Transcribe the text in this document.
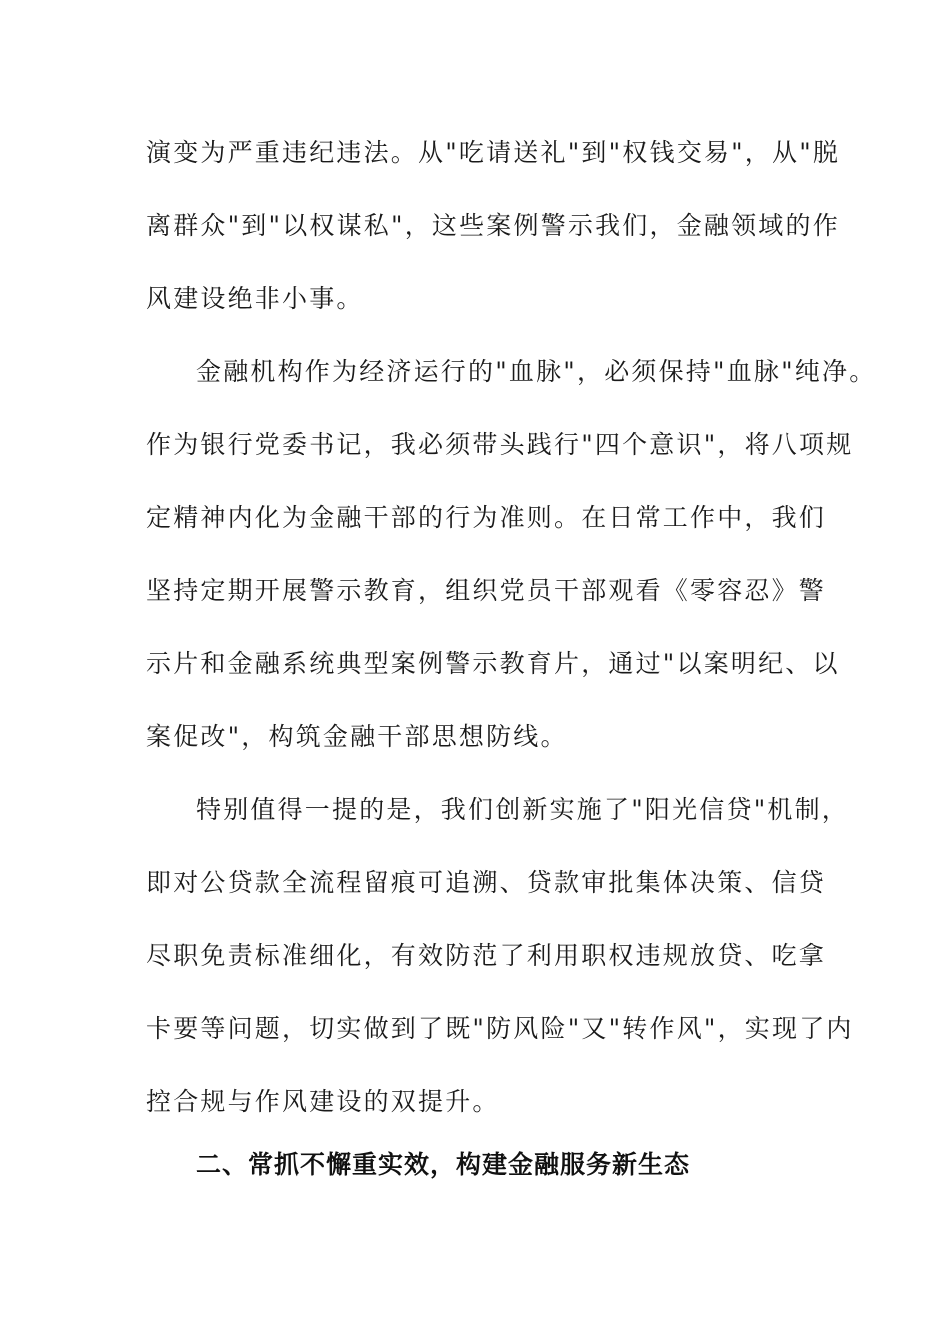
演变为严重违纪违法。从"吃请送礼"到"权钱交易"，从"脱
离群众"到"以权谋私"，这些案例警示我们，金融领域的作
风建设绝非小事。
金融机构作为经济运行的"血脉"，必须保持"血脉"纯净。
作为银行党委书记，我必须带头践行"四个意识"，将八项规
定精神内化为金融干部的行为准则。在日常工作中，我们
坚持定期开展警示教育，组织党员干部观看《零容忍》警
示片和金融系统典型案例警示教育片，通过"以案明纪、以
案促改"，构筑金融干部思想防线。
特别值得一提的是，我们创新实施了"阳光信贷"机制，
即对公贷款全流程留痕可追溯、贷款审批集体决策、信贷
尽职免责标准细化，有效防范了利用职权违规放贷、吃拿
卡要等问题，切实做到了既"防风险"又"转作风"，实现了内
控合规与作风建设的双提升。
二、常抓不懈重实效，构建金融服务新生态
